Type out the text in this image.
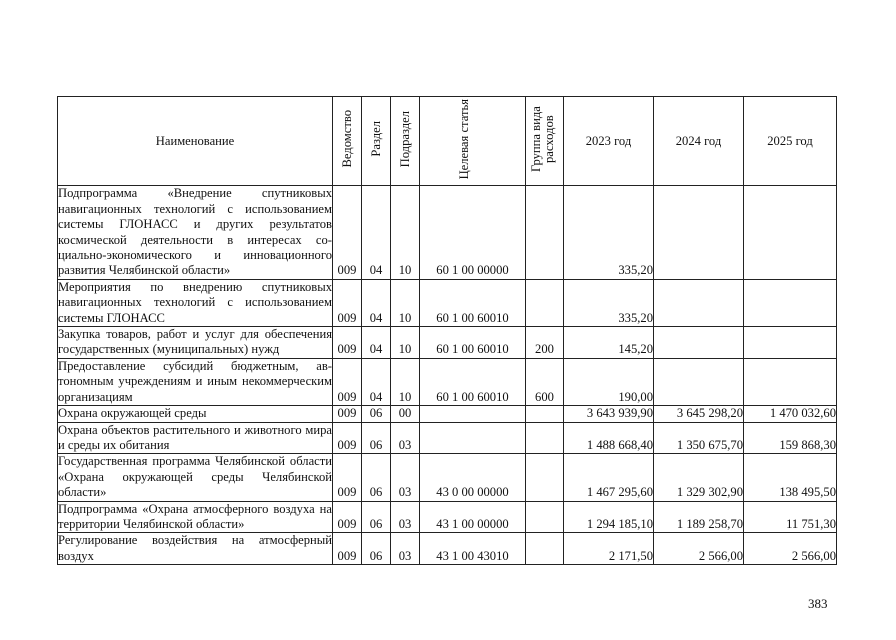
Наименование	Ведомство	Раздел	Подраздел	Целевая статья	Группа вида расходов	2023 год	2024 год	2025 год
Подпрограмма «Внедрение спутниковых навигационных технологий с использованием системы ГЛОНАСС и других результатов космической деятельности в интересах социально-экономического и инновационного развития Челябинской области»	009	04	10	60 1 00 00000		335,20		
Мероприятия по внедрению спутниковых навигационных технологий с использованием системы ГЛОНАСС	009	04	10	60 1 00 60010		335,20		
Закупка товаров, работ и услуг для обеспечения государственных (муниципальных) нужд	009	04	10	60 1 00 60010	200	145,20		
Предоставление субсидий бюджетным, автономным учреждениям и иным некоммерческим организациям	009	04	10	60 1 00 60010	600	190,00		
Охрана окружающей среды	009	06	00			3 643 939,90	3 645 298,20	1 470 032,60
Охрана объектов растительного и животного мира и среды их обитания	009	06	03			1 488 668,40	1 350 675,70	159 868,30
Государственная программа Челябинской области «Охрана окружающей среды Челябинской области»	009	06	03	43 0 00 00000		1 467 295,60	1 329 302,90	138 495,50
Подпрограмма «Охрана атмосферного воздуха на территории Челябинской области»	009	06	03	43 1 00 00000		1 294 185,10	1 189 258,70	11 751,30
Регулирование воздействия на атмосферный воздух	009	06	03	43 1 00 43010		2 171,50	2 566,00	2 566,00
383
